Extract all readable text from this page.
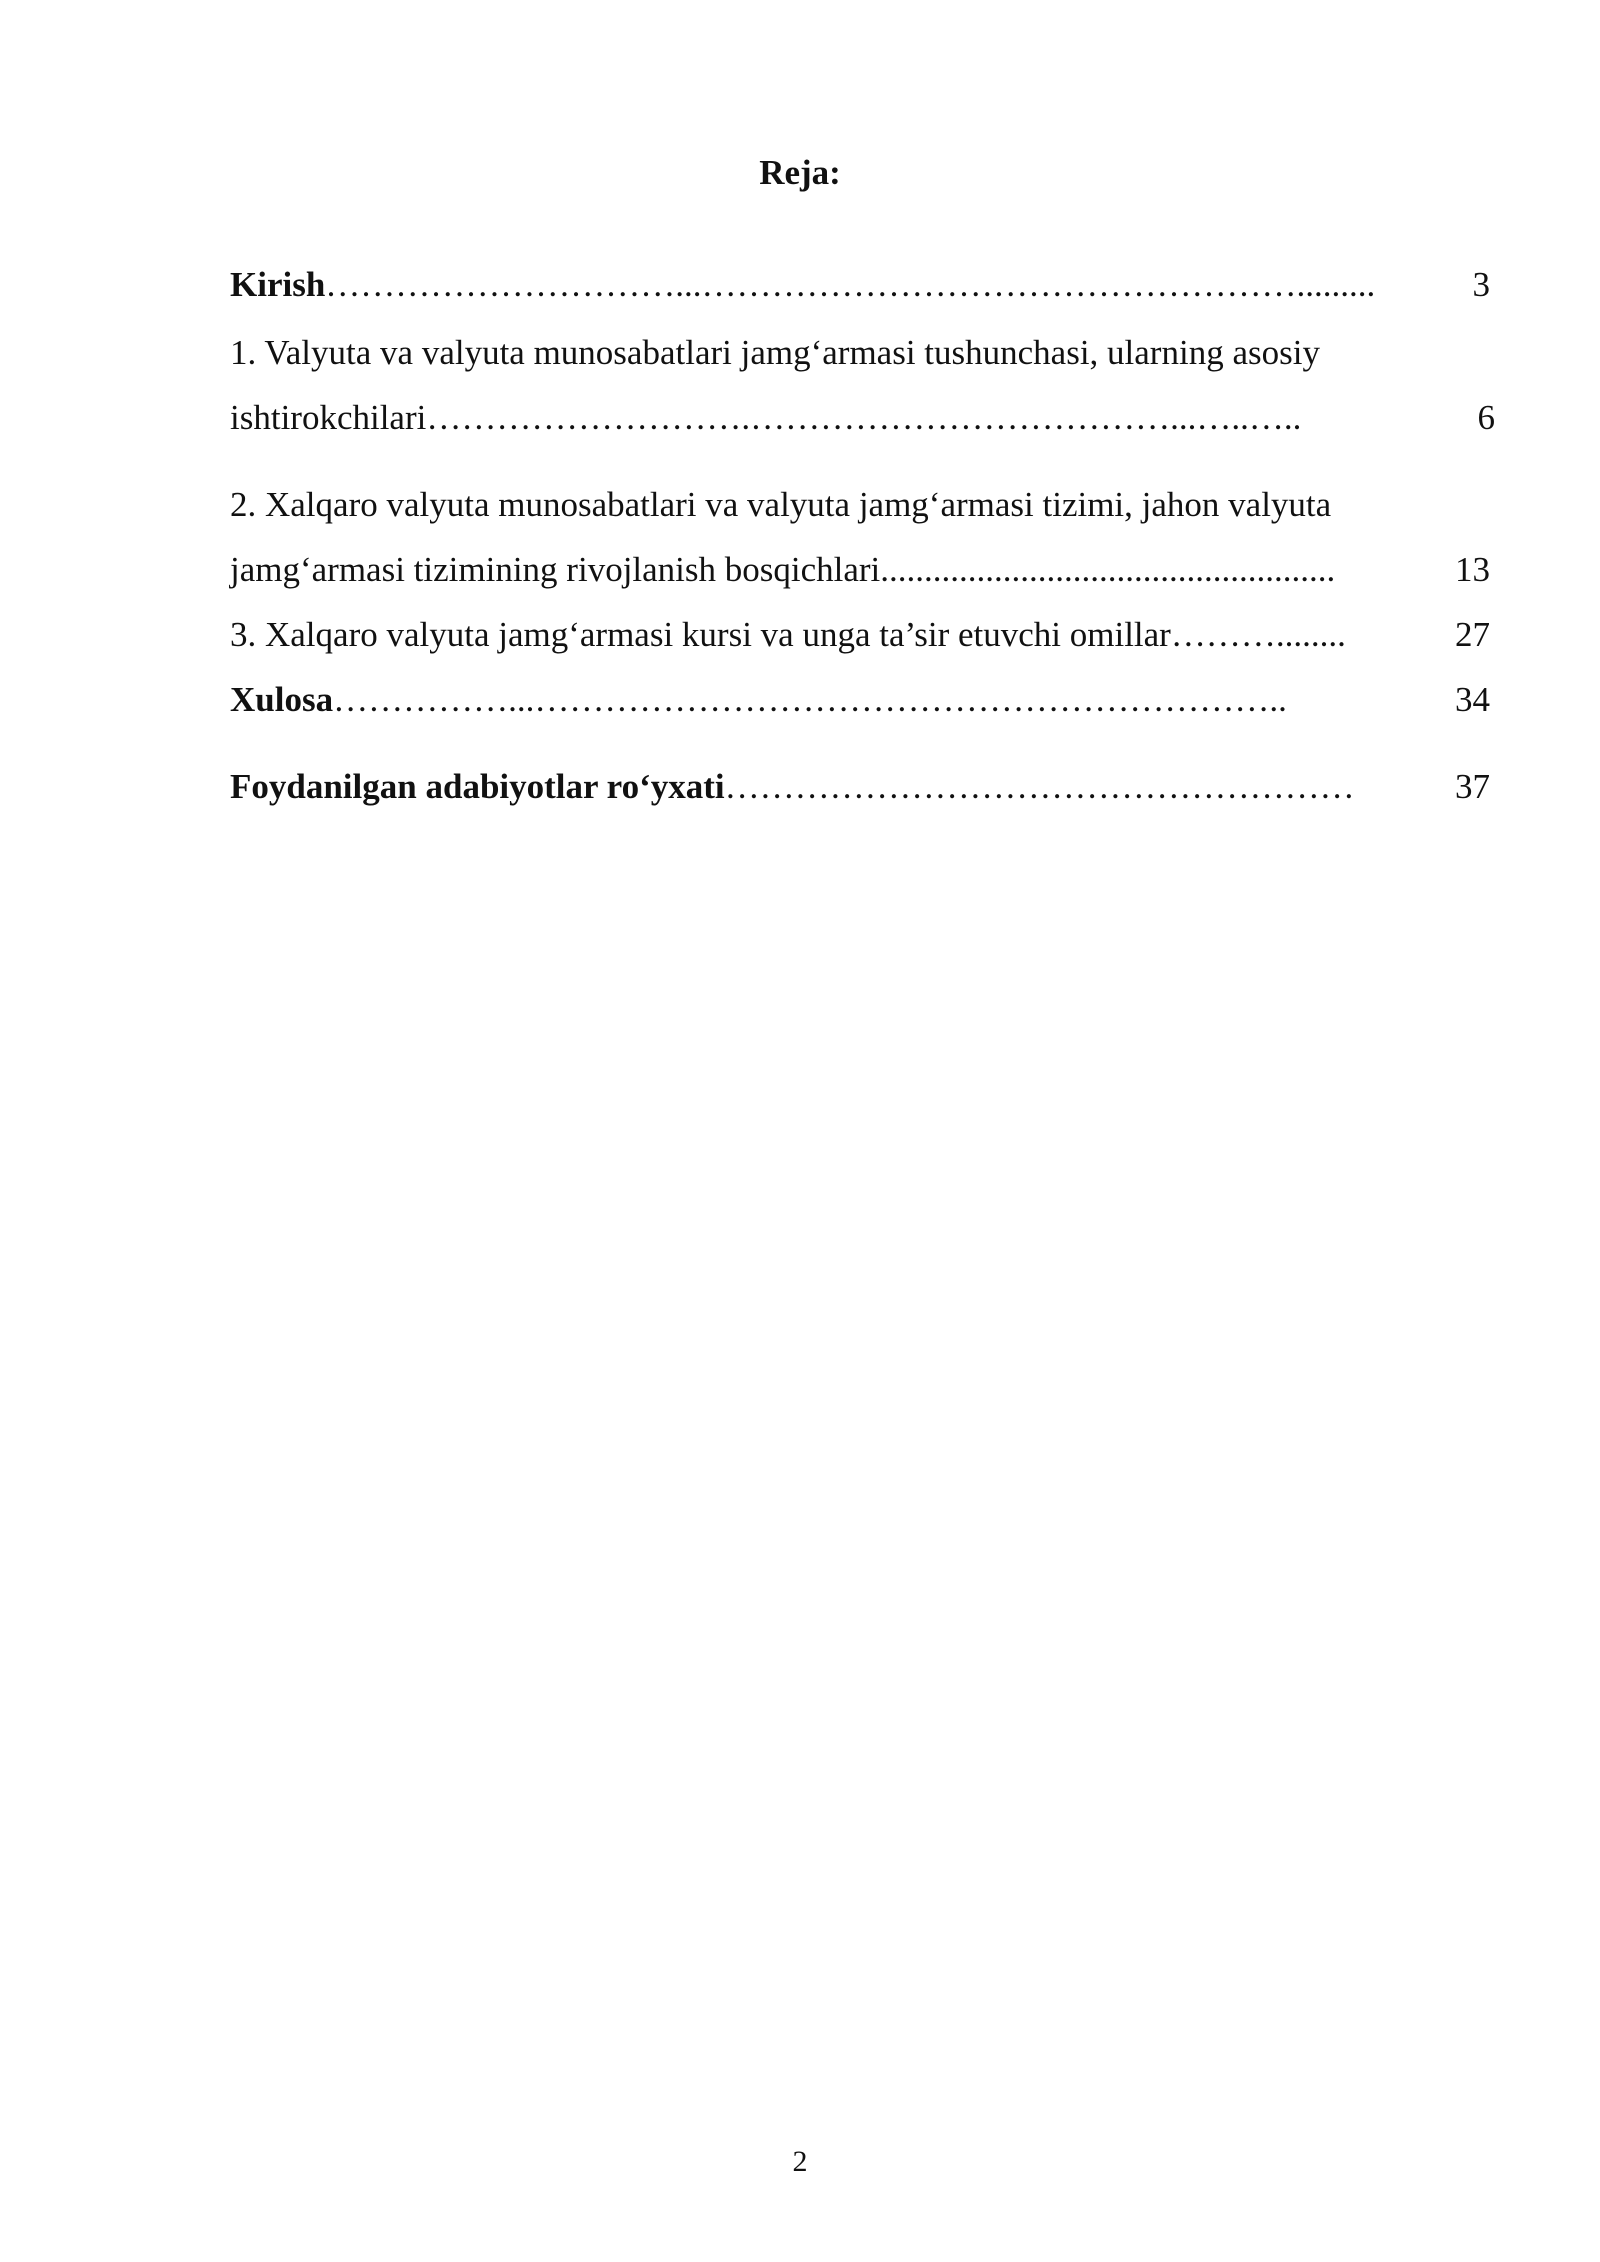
Reja:
Kirish …………………………...…………………………………………….........	3
1. Valyuta va valyuta munosabatlari jamg‘armasi tushunchasi, ularning asosiy
ishtirokchilari ……………………….………………………………...…..…..	6
2. Xalqaro valyuta munosabatlari va valyuta jamg‘armasi tizimi, jahon valyuta
jamg‘armasi tizimining rivojlanish bosqichlari ....................................................	13
3. Xalqaro valyuta jamg‘armasi kursi va unga ta’sir etuvchi omillar ………........	27
Xulosa ……………...………………………………………………………..	34
Foydanilgan adabiyotlar ro‘yxati ………………………………………………	37
2
